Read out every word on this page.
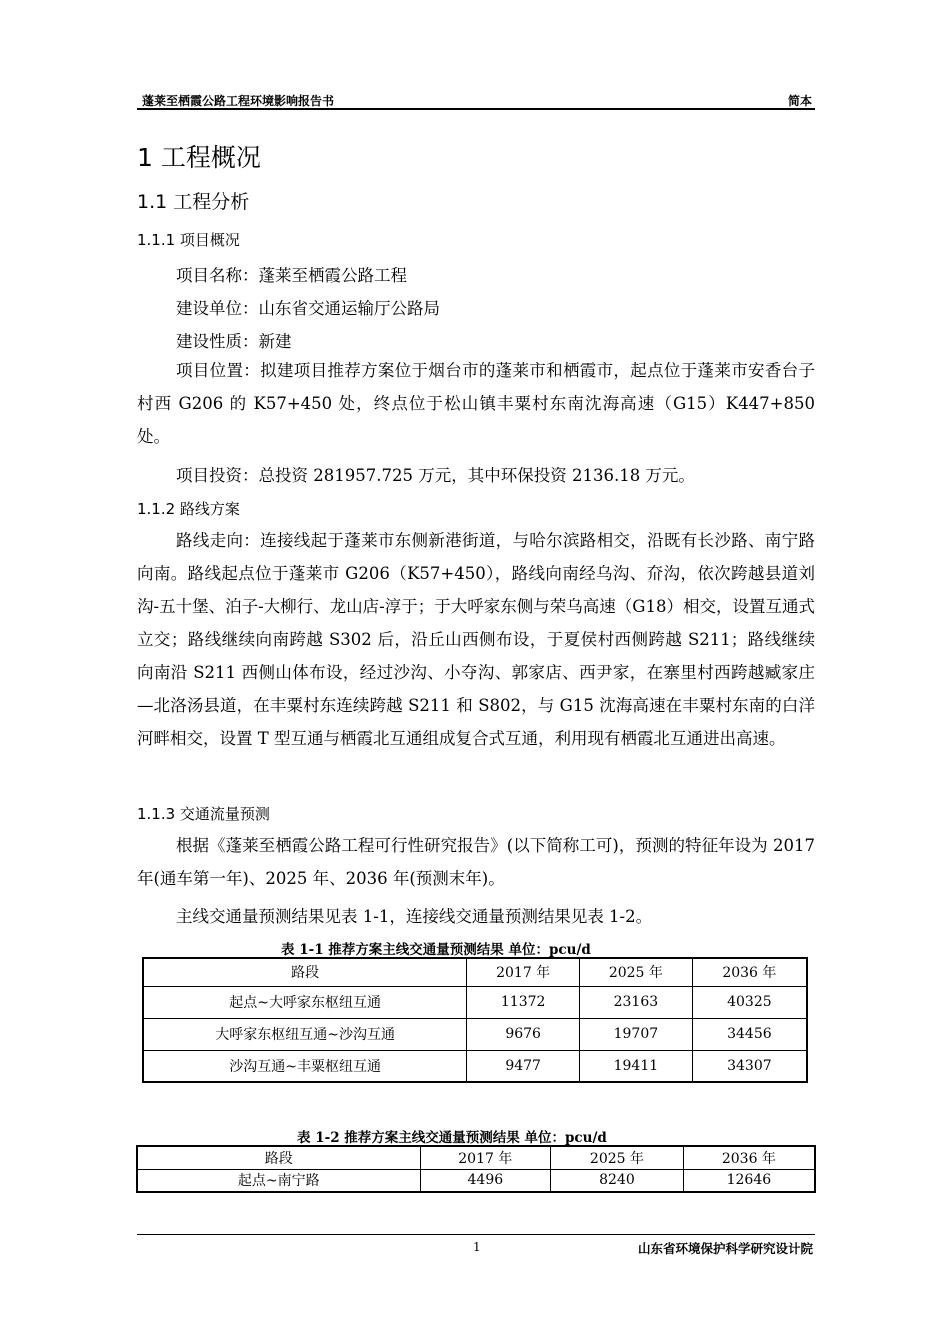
蓬莱至栖霞公路工程环境影响报告书	简本
1 工程概况
1.1 工程分析
1.1.1 项目概况
项目名称：蓬莱至栖霞公路工程
建设单位：山东省交通运输厅公路局
建设性质：新建
项目位置：拟建项目推荐方案位于烟台市的蓬莱市和栖霞市，起点位于蓬莱市安香台子村西 G206 的 K57+450 处，终点位于松山镇丰粟村东南沈海高速（G15）K447+850 处。
项目投资：总投资 281957.725 万元，其中环保投资 2136.18 万元。
1.1.2 路线方案
路线走向：连接线起于蓬莱市东侧新港街道，与哈尔滨路相交，沿既有长沙路、南宁路向南。路线起点位于蓬莱市 G206（K57+450），路线向南经乌沟、夼沟，依次跨越县道刘沟-五十堡、泊子-大柳行、龙山店-淳于；于大呼家东侧与荣乌高速（G18）相交，设置互通式立交；路线继续向南跨越 S302 后，沿丘山西侧布设，于夏侯村西侧跨越 S211；路线继续向南沿 S211 西侧山体布设，经过沙沟、小夺沟、郭家店、西尹家，在寨里村西跨越臧家庄—北洛汤县道，在丰粟村东连续跨越 S211 和 S802，与 G15 沈海高速在丰粟村东南的白洋河畔相交，设置 T 型互通与栖霞北互通组成复合式互通，利用现有栖霞北互通进出高速。
1.1.3 交通流量预测
根据《蓬莱至栖霞公路工程可行性研究报告》(以下简称工可)，预测的特征年设为 2017 年(通车第一年)、2025 年、2036 年(预测末年)。
主线交通量预测结果见表 1-1，连接线交通量预测结果见表 1-2。
表 1-1 推荐方案主线交通量预测结果 单位：pcu/d
路段	2017 年	2025 年	2036 年
起点~大呼家东枢纽互通	11372	23163	40325
大呼家东枢纽互通~沙沟互通	9676	19707	34456
沙沟互通~丰粟枢纽互通	9477	19411	34307
表 1-2 推荐方案主线交通量预测结果 单位：pcu/d
路段	2017 年	2025 年	2036 年
起点~南宁路	4496	8240	12646
1	山东省环境保护科学研究设计院
